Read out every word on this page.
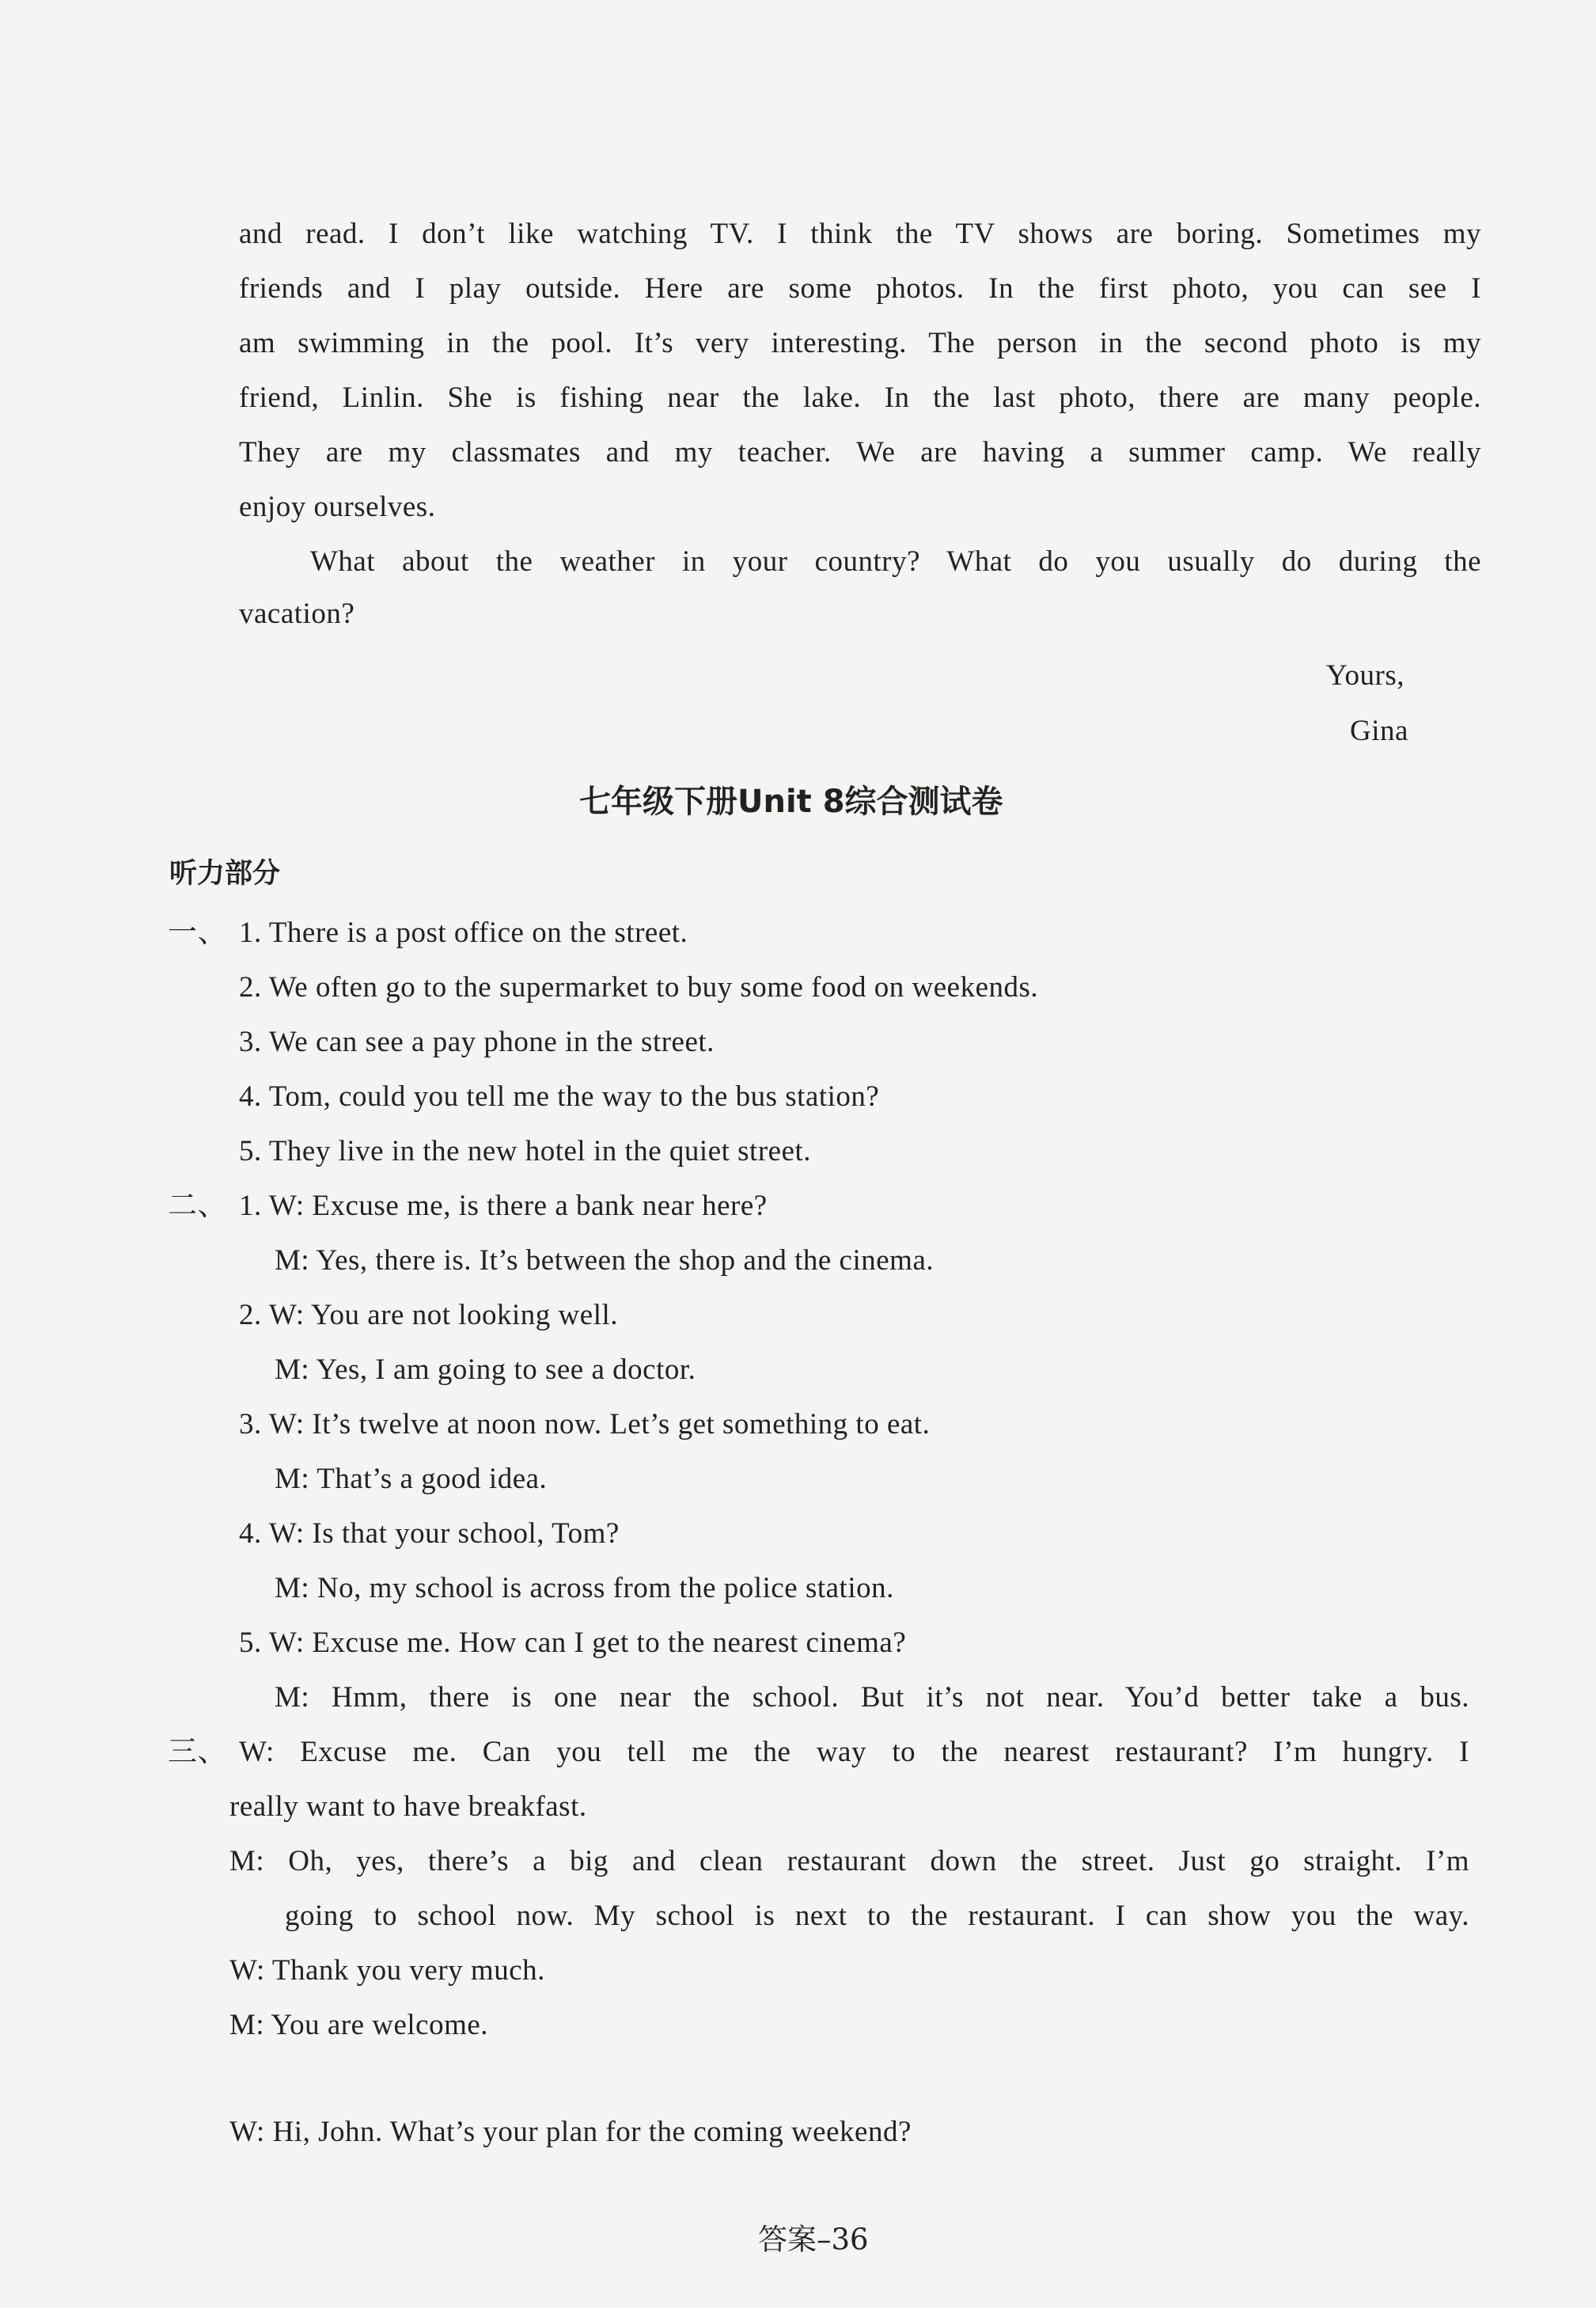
and read. I don’t like watching TV. I think the TV shows are boring. Sometimes my
friends and I play outside. Here are some photos. In the first photo, you can see I
am swimming in the pool. It’s very interesting. The person in the second photo is my
friend, Linlin. She is fishing near the lake. In the last photo, there are many people.
They are my classmates and my teacher. We are having a summer camp. We really
enjoy ourselves.
What about the weather in your country? What do you usually do during the
vacation?
Yours,
Gina
七年级下册Unit 8综合测试卷
听力部分
一、 1. There is a post office on the street.
2. We often go to the supermarket to buy some food on weekends.
3. We can see a pay phone in the street.
4. Tom, could you tell me the way to the bus station?
5. They live in the new hotel in the quiet street.
二、 1. W: Excuse me, is there a bank near here?
M: Yes, there is. It’s between the shop and the cinema.
2. W: You are not looking well.
M: Yes, I am going to see a doctor.
3. W: It’s twelve at noon now. Let’s get something to eat.
M: That’s a good idea.
4. W: Is that your school, Tom?
M: No, my school is across from the police station.
5. W: Excuse me. How can I get to the nearest cinema?
M: Hmm, there is one near the school. But it’s not near. You’d better take a bus.
三、 W: Excuse me. Can you tell me the way to the nearest restaurant? I’m hungry. I
really want to have breakfast.
M: Oh, yes, there’s a big and clean restaurant down the street. Just go straight. I’m
going to school now. My school is next to the restaurant. I can show you the way.
W: Thank you very much.
M: You are welcome.
W: Hi, John. What’s your plan for the coming weekend?
答案–36
